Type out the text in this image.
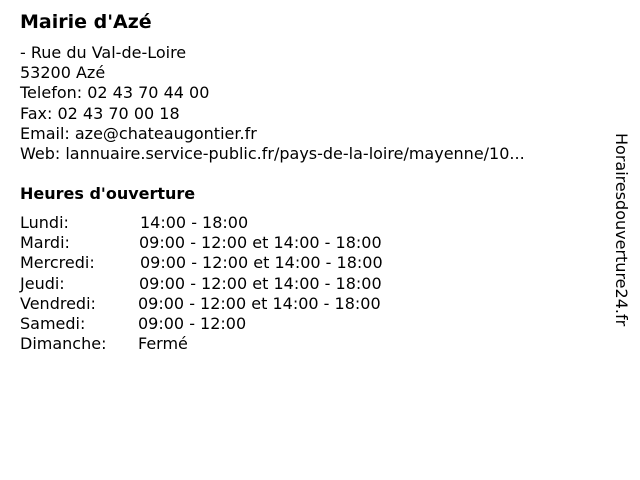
Mairie d'Azé
- Rue du Val-de-Loire
53200 Azé
Telefon: 02 43 70 44 00
Fax: 02 43 70 00 18
Email: aze@chateaugontier.fr
Web: lannuaire.service-public.fr/pays-de-la-loire/mayenne/10...
Heures d'ouverture
Lundi:	14:00 - 18:00
Mardi:	09:00 - 12:00 et 14:00 - 18:00
Mercredi:	09:00 - 12:00 et 14:00 - 18:00
Jeudi:	09:00 - 12:00 et 14:00 - 18:00
Vendredi:	09:00 - 12:00 et 14:00 - 18:00
Samedi:	09:00 - 12:00
Dimanche: Fermé
Horairesdouverture24.fr
